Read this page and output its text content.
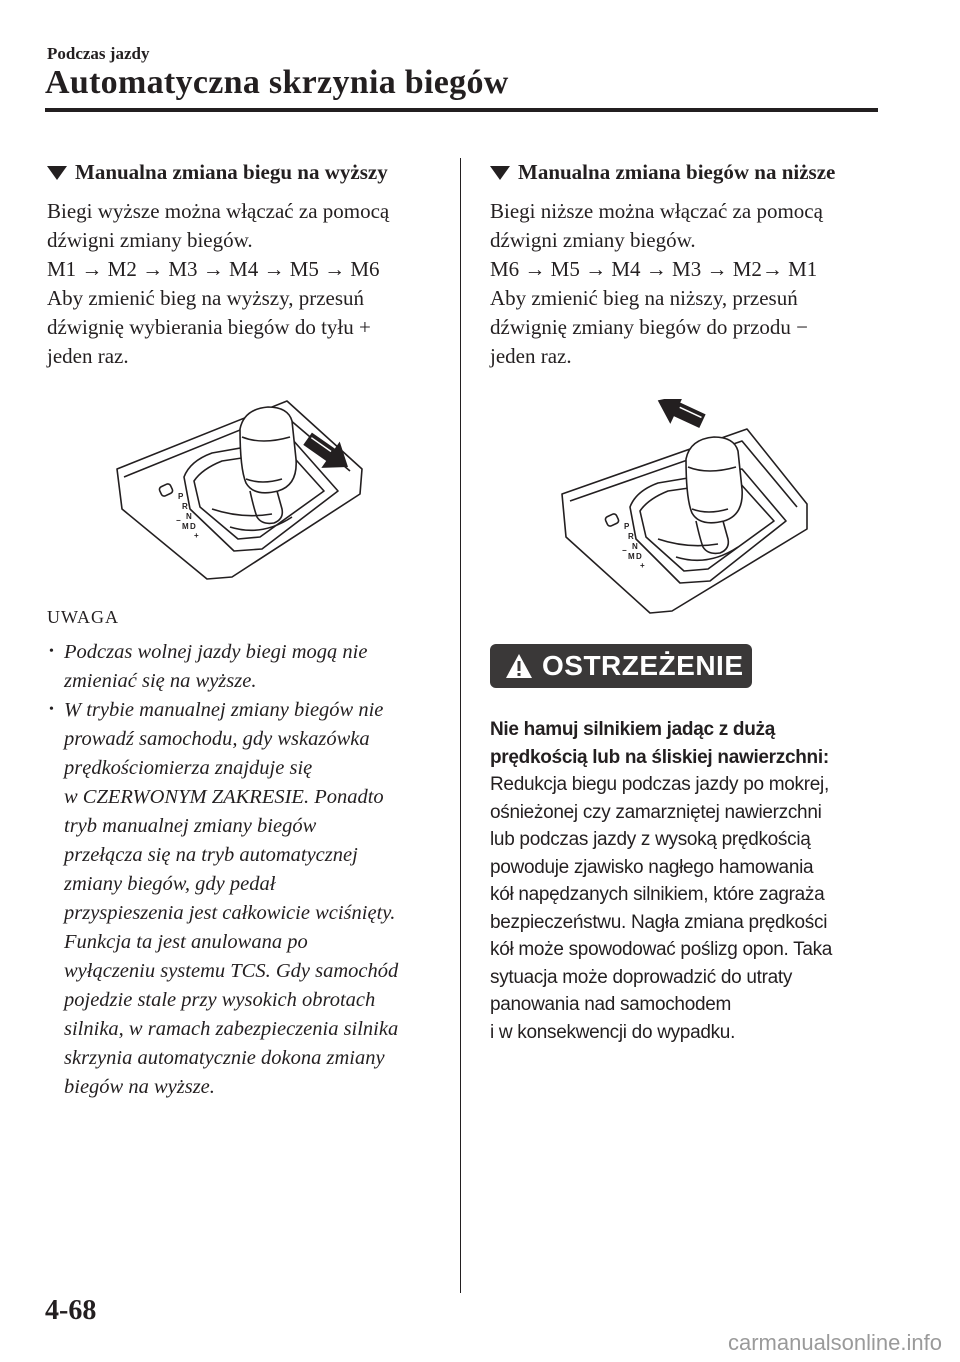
Podczas jazdy
Automatyczna skrzynia biegów
Manualna zmiana biegu na wyższy

Biegi wyższe można włączać za pomocą

dźwigni zmiany biegów.

M1 → M2 → M3 → M4 → M5 → M6

Aby zmienić bieg na wyższy, przesuń

dźwignię wybierania biegów do tyłu +

jeden raz.

P
R
N
D
M
+
−
UWAGA
• Podczas wolnej jazdy biegi mogą nie
zmieniać się na wyższe.
• W trybie manualnej zmiany biegów nie
prowadź samochodu, gdy wskazówka
prędkościomierza znajduje się
w CZERWONYM ZAKRESIE. Ponadto
tryb manualnej zmiany biegów
przełącza się na tryb automatycznej
zmiany biegów, gdy pedał
przyspieszenia jest całkowicie wciśnięty.
Funkcja ta jest anulowana po
wyłączeniu systemu TCS. Gdy samochód
pojedzie stale przy wysokich obrotach
silnika, w ramach zabezpieczenia silnika
skrzynia automatycznie dokona zmiany
biegów na wyższe.
Manualna zmiana biegów na niższe

Biegi niższe można włączać za pomocą

dźwigni zmiany biegów.

M6 → M5 → M4 → M3 → M2→ M1

Aby zmienić bieg na niższy, przesuń

dźwignię zmiany biegów do przodu −

jeden raz.

P
R
N
D
M
+
−
OSTRZEŻENIE

Nie hamuj silnikiem jadąc z dużą

prędkością lub na śliskiej nawierzchni:

Redukcja biegu podczas jazdy po mokrej,

ośnieżonej czy zamarzniętej nawierzchni

lub podczas jazdy z wysoką prędkością

powoduje zjawisko nagłego hamowania

kół napędzanych silnikiem, które zagraża

bezpieczeństwu. Nagła zmiana prędkości

kół może spowodować poślizg opon. Taka

sytuacja może doprowadzić do utraty

panowania nad samochodem

i w konsekwencji do wypadku.

4-68
carmanualsonline.info
